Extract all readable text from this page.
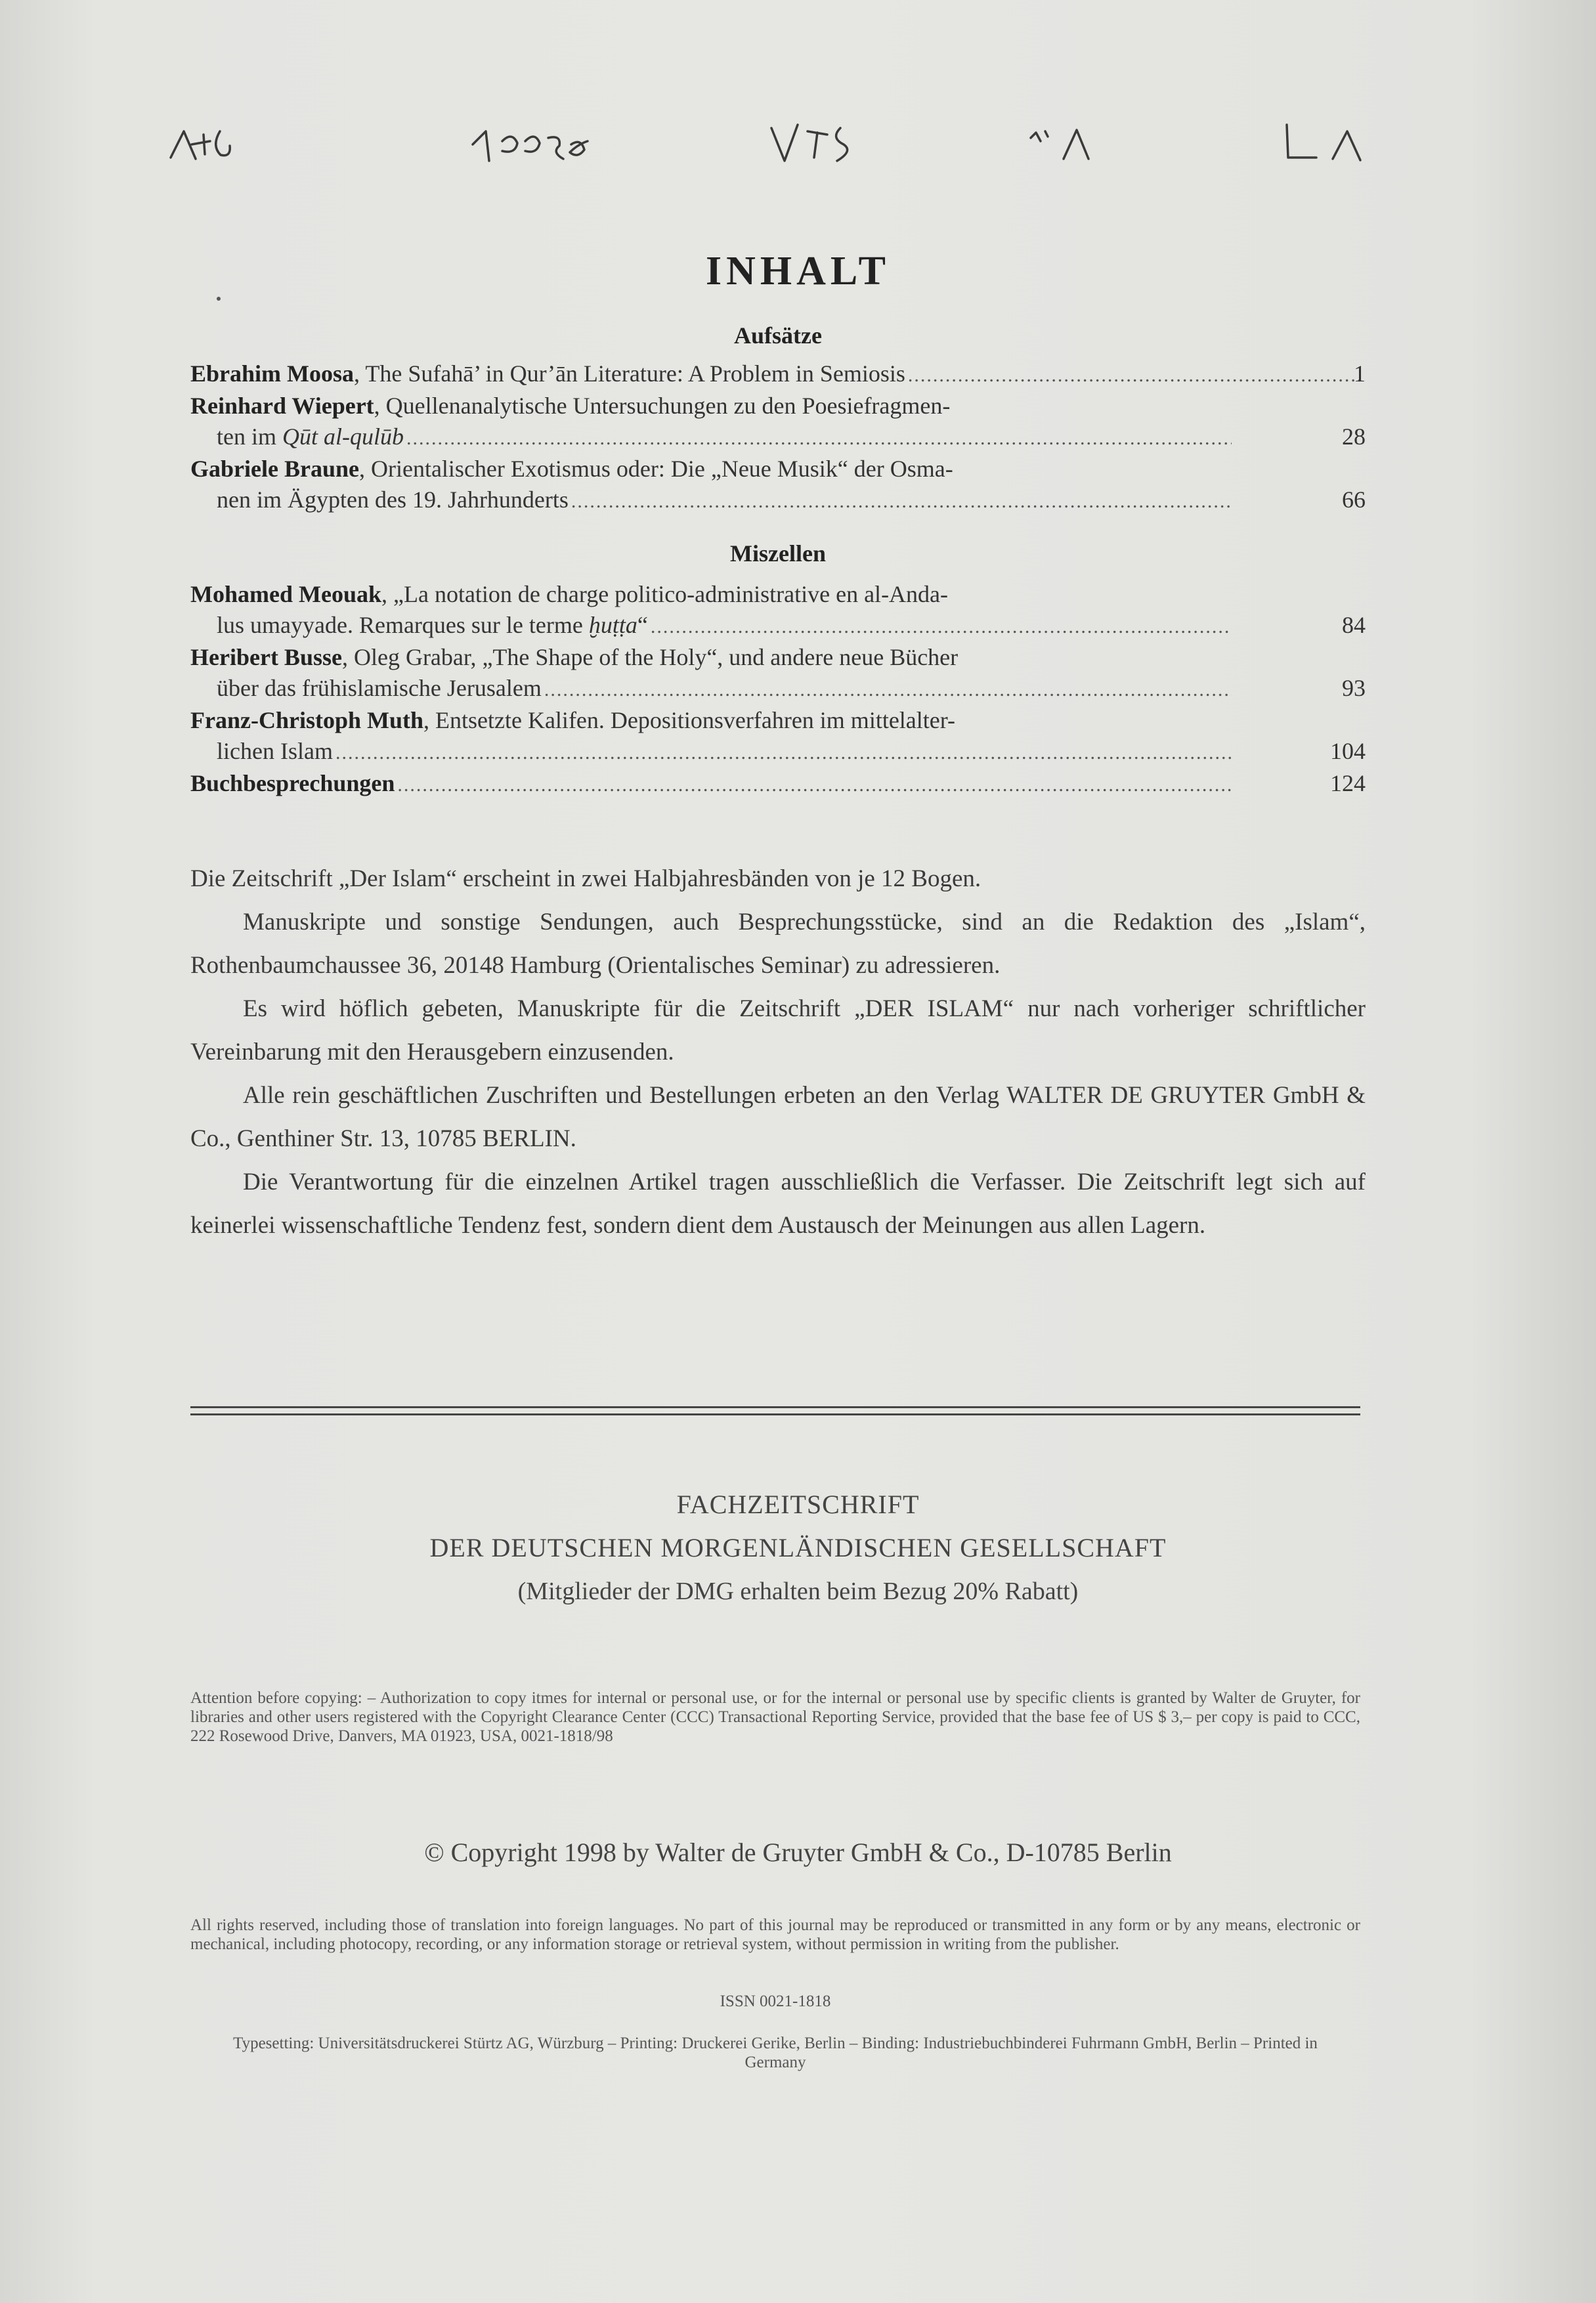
INHALT
Aufsätze
Ebrahim Moosa, The Sufahā’ in Qur’ān Literature: A Problem in Semiosis .....	1
Reinhard Wiepert, Quellenanalytische Untersuchungen zu den Poesiefragmen-
ten im Qūt al-qulūb .....	28
Gabriele Braune, Orientalischer Exotismus oder: Die „Neue Musik“ der Osma-
nen im Ägypten des 19. Jahrhunderts .....	66
Miszellen
Mohamed Meouak, „La notation de charge politico-administrative en al-Anda-
lus umayyade. Remarques sur le terme ḫuṭṭa“ .....	84
Heribert Busse, Oleg Grabar, „The Shape of the Holy“, und andere neue Bücher
über das frühislamische Jerusalem .....	93
Franz-Christoph Muth, Entsetzte Kalifen. Depositionsverfahren im mittelalter-
lichen Islam .....	104
Buchbesprechungen .....	124

Die Zeitschrift „Der Islam“ erscheint in zwei Halbjahresbänden von je 12 Bogen.

Manuskripte und sonstige Sendungen, auch Besprechungsstücke, sind an die Redaktion des „Islam“, Rothenbaumchaussee 36, 20148 Hamburg (Orientalisches Seminar) zu adressieren.

Es wird höflich gebeten, Manuskripte für die Zeitschrift „DER ISLAM“ nur nach vorheriger schriftlicher Vereinbarung mit den Herausgebern einzusenden.

Alle rein geschäftlichen Zuschriften und Bestellungen erbeten an den Verlag WALTER DE GRUYTER GmbH & Co., Genthiner Str. 13, 10785 BERLIN.

Die Verantwortung für die einzelnen Artikel tragen ausschließlich die Verfasser. Die Zeitschrift legt sich auf keinerlei wissenschaftliche Tendenz fest, sondern dient dem Austausch der Meinungen aus allen Lagern.

FACHZEITSCHRIFT
DER DEUTSCHEN MORGENLÄNDISCHEN GESELLSCHAFT
(Mitglieder der DMG erhalten beim Bezug 20% Rabatt)
Attention before copying: – Authorization to copy itmes for internal or personal use, or for the internal or personal use by specific clients is granted by Walter de Gruyter, for libraries and other users registered with the Copyright Clearance Center (CCC) Transactional Reporting Service, provided that the base fee of US $ 3,– per copy is paid to CCC, 222 Rosewood Drive, Danvers, MA 01923, USA, 0021-1818/98
© Copyright 1998 by Walter de Gruyter GmbH & Co., D-10785 Berlin
All rights reserved, including those of translation into foreign languages. No part of this journal may be reproduced or transmitted in any form or by any means, electronic or mechanical, including photocopy, recording, or any information storage or retrieval system, without permission in writing from the publisher.
ISSN 0021-1818
Typesetting: Universitätsdruckerei Stürtz AG, Würzburg – Printing: Druckerei Gerike, Berlin – Binding: Industriebuchbinderei Fuhrmann GmbH, Berlin – Printed in Germany
